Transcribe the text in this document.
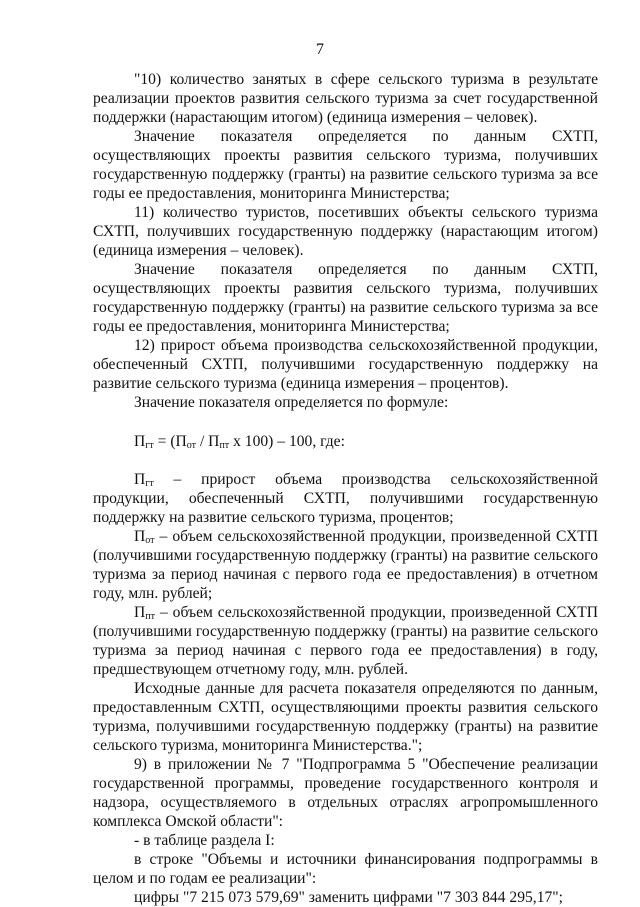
7

"10) количество занятых в сфере сельского туризма в результате реализации проектов развития сельского туризма за счет государственной поддержки (нарастающим итогом) (единица измерения – человек).

Значение показателя определяется по данным СХТП, осуществляющих проекты развития сельского туризма, получивших государственную поддержку (гранты) на развитие сельского туризма за все годы ее предоставления, мониторинга Министерства;

11) количество туристов, посетивших объекты сельского туризма СХТП, получивших государственную поддержку (нарастающим итогом) (единица измерения – человек).

Значение показателя определяется по данным СХТП, осуществляющих проекты развития сельского туризма, получивших государственную поддержку (гранты) на развитие сельского туризма за все годы ее предоставления, мониторинга Министерства;

12) прирост объема производства сельскохозяйственной продукции, обеспеченный СХТП, получившими государственную поддержку на развитие сельского туризма (единица измерения – процентов).

Значение показателя определяется по формуле:

$П_{гт} = (П_{от} / П_{пт}$ х 100) – 100, где:

$П_{гт}$ – прирост объема производства сельскохозяйственной продукции, обеспеченный СХТП, получившими государственную поддержку на развитие сельского туризма, процентов;

$П_{от}$ – объем сельскохозяйственной продукции, произведенной СХТП (получившими государственную поддержку (гранты) на развитие сельского туризма за период начиная с первого года ее предоставления) в отчетном году, млн. рублей;

$П_{пт}$ – объем сельскохозяйственной продукции, произведенной СХТП (получившими государственную поддержку (гранты) на развитие сельского туризма за период начиная с первого года ее предоставления) в году, предшествующем отчетному году, млн. рублей.

Исходные данные для расчета показателя определяются по данным, предоставленным СХТП, осуществляющими проекты развития сельского туризма, получившими государственную поддержку (гранты) на развитие сельского туризма, мониторинга Министерства.";

9) в приложении № 7 "Подпрограмма 5 "Обеспечение реализации государственной программы, проведение государственного контроля и надзора, осуществляемого в отдельных отраслях агропромышленного комплекса Омской области":

- в таблице раздела I:

в строке "Объемы и источники финансирования подпрограммы в целом и по годам ее реализации":

цифры "7 215 073 579,69" заменить цифрами "7 303 844 295,17";
